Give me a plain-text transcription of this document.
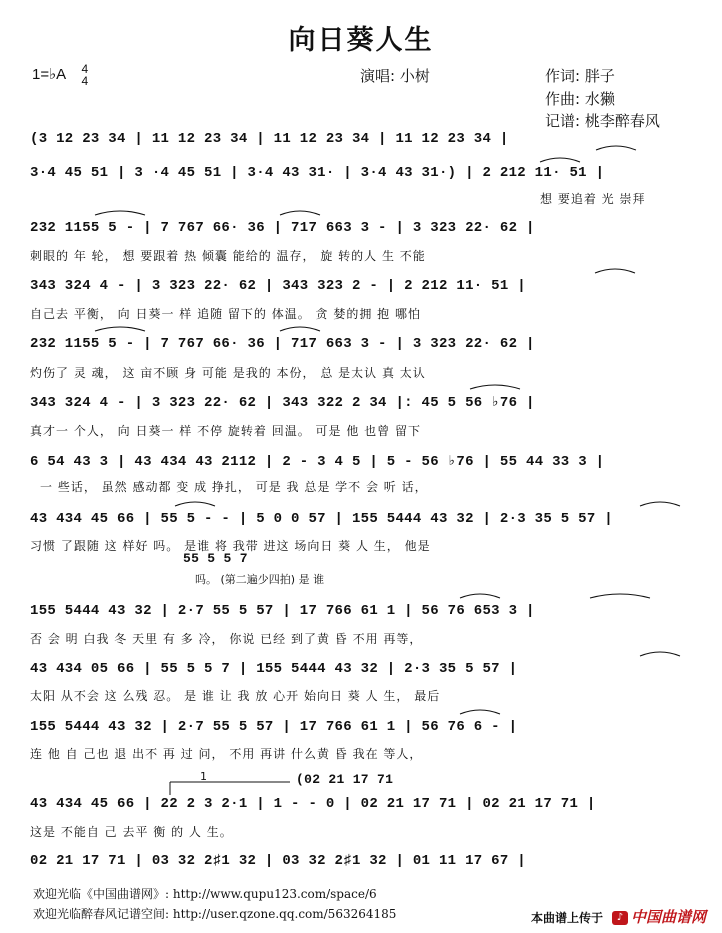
向日葵人生
1=♭A 4
4	演唱: 小树	作词: 胖子
作曲: 水獭
记谱: 桃李醉春风
(3 12 23 34 | 11 12 23 34 | 11 12 23 34 | 11 12 23 34 |
3·4 45 51 | 3 ·4 45 51 | 3·4 43 31· | 3·4 43 31·) | 2 212 11· 51 |
想 要追着 光 崇拜
232 1155 5 - | 7 767 66· 36 | 717 663 3 - | 3 323 22· 62 |
刺眼的 年 轮， 想 要跟着 热 倾囊 能给的 温存， 旋 转的人 生 不能
343 324 4 - | 3 323 22· 62 | 343 323 2 - | 2 212 11· 51 |
自己去 平衡， 向 日葵一 样 追随 留下的 体温。 贪 婪的拥 抱 哪怕
232 1155 5 - | 7 767 66· 36 | 717 663 3 - | 3 323 22· 62 |
灼伤了 灵 魂， 这 亩不顾 身 可能 是我的 本份， 总 是太认 真 太认
343 324 4 - | 3 323 22· 62 | 343 322 2 34 |: 45 5 56 ♭76 |
真才一 个人， 向 日葵一 样 不停 旋转着 回温。 可是 他 也曾 留下
6 54 43 3 | 43 434 43 2112 | 2 - 3 4 5 | 5 - 56 ♭76 | 55 44 33 3 |
一 些话， 虽然 感动都 变 成 挣扎， 可是 我 总是 学不 会 听 话，
43 434 45 66 | 55 5 - - | 5 0 0 57 | 155 5444 43 32 | 2·3 35 5 57 |
习惯 了跟随 这 样好 吗。 是谁 将 我带 进这 场向日 葵 人 生， 他是
55 5 5 7
吗。 (第二遍少四拍) 是 谁
155 5444 43 32 | 2·7 55 5 57 | 17 766 61 1 | 56 76 653 3 |
否 会 明 白我 冬 天里 有 多 冷， 你说 已经 到了黄 昏 不用 再等，
43 434 05 66 | 55 5 5 7 | 155 5444 43 32 | 2·3 35 5 57 |
太阳 从不会 这 么残 忍。 是 谁 让 我 放 心开 始向日 葵 人 生， 最后
155 5444 43 32 | 2·7 55 5 57 | 17 766 61 1 | 56 76 6 - |
连 他 自 己也 退 出不 再 过 问， 不用 再讲 什么黄 昏 我在 等人，
1	(02 21 17 71
43 434 45 66 | 22 2 3 2·1 | 1 - - 0 | 02 21 17 71 | 02 21 17 71 |
这是 不能自 己 去平 衡 的 人 生。
02 21 17 71 | 03 32 2♯1 32 | 03 32 2♯1 32 | 01 11 17 67 |
欢迎光临《中国曲谱网》: http://www.qupu123.com/space/6
欢迎光临醉春风记谱空间: http://user.qzone.qq.com/563264185	本曲谱上传于	♪ 中国曲谱网
